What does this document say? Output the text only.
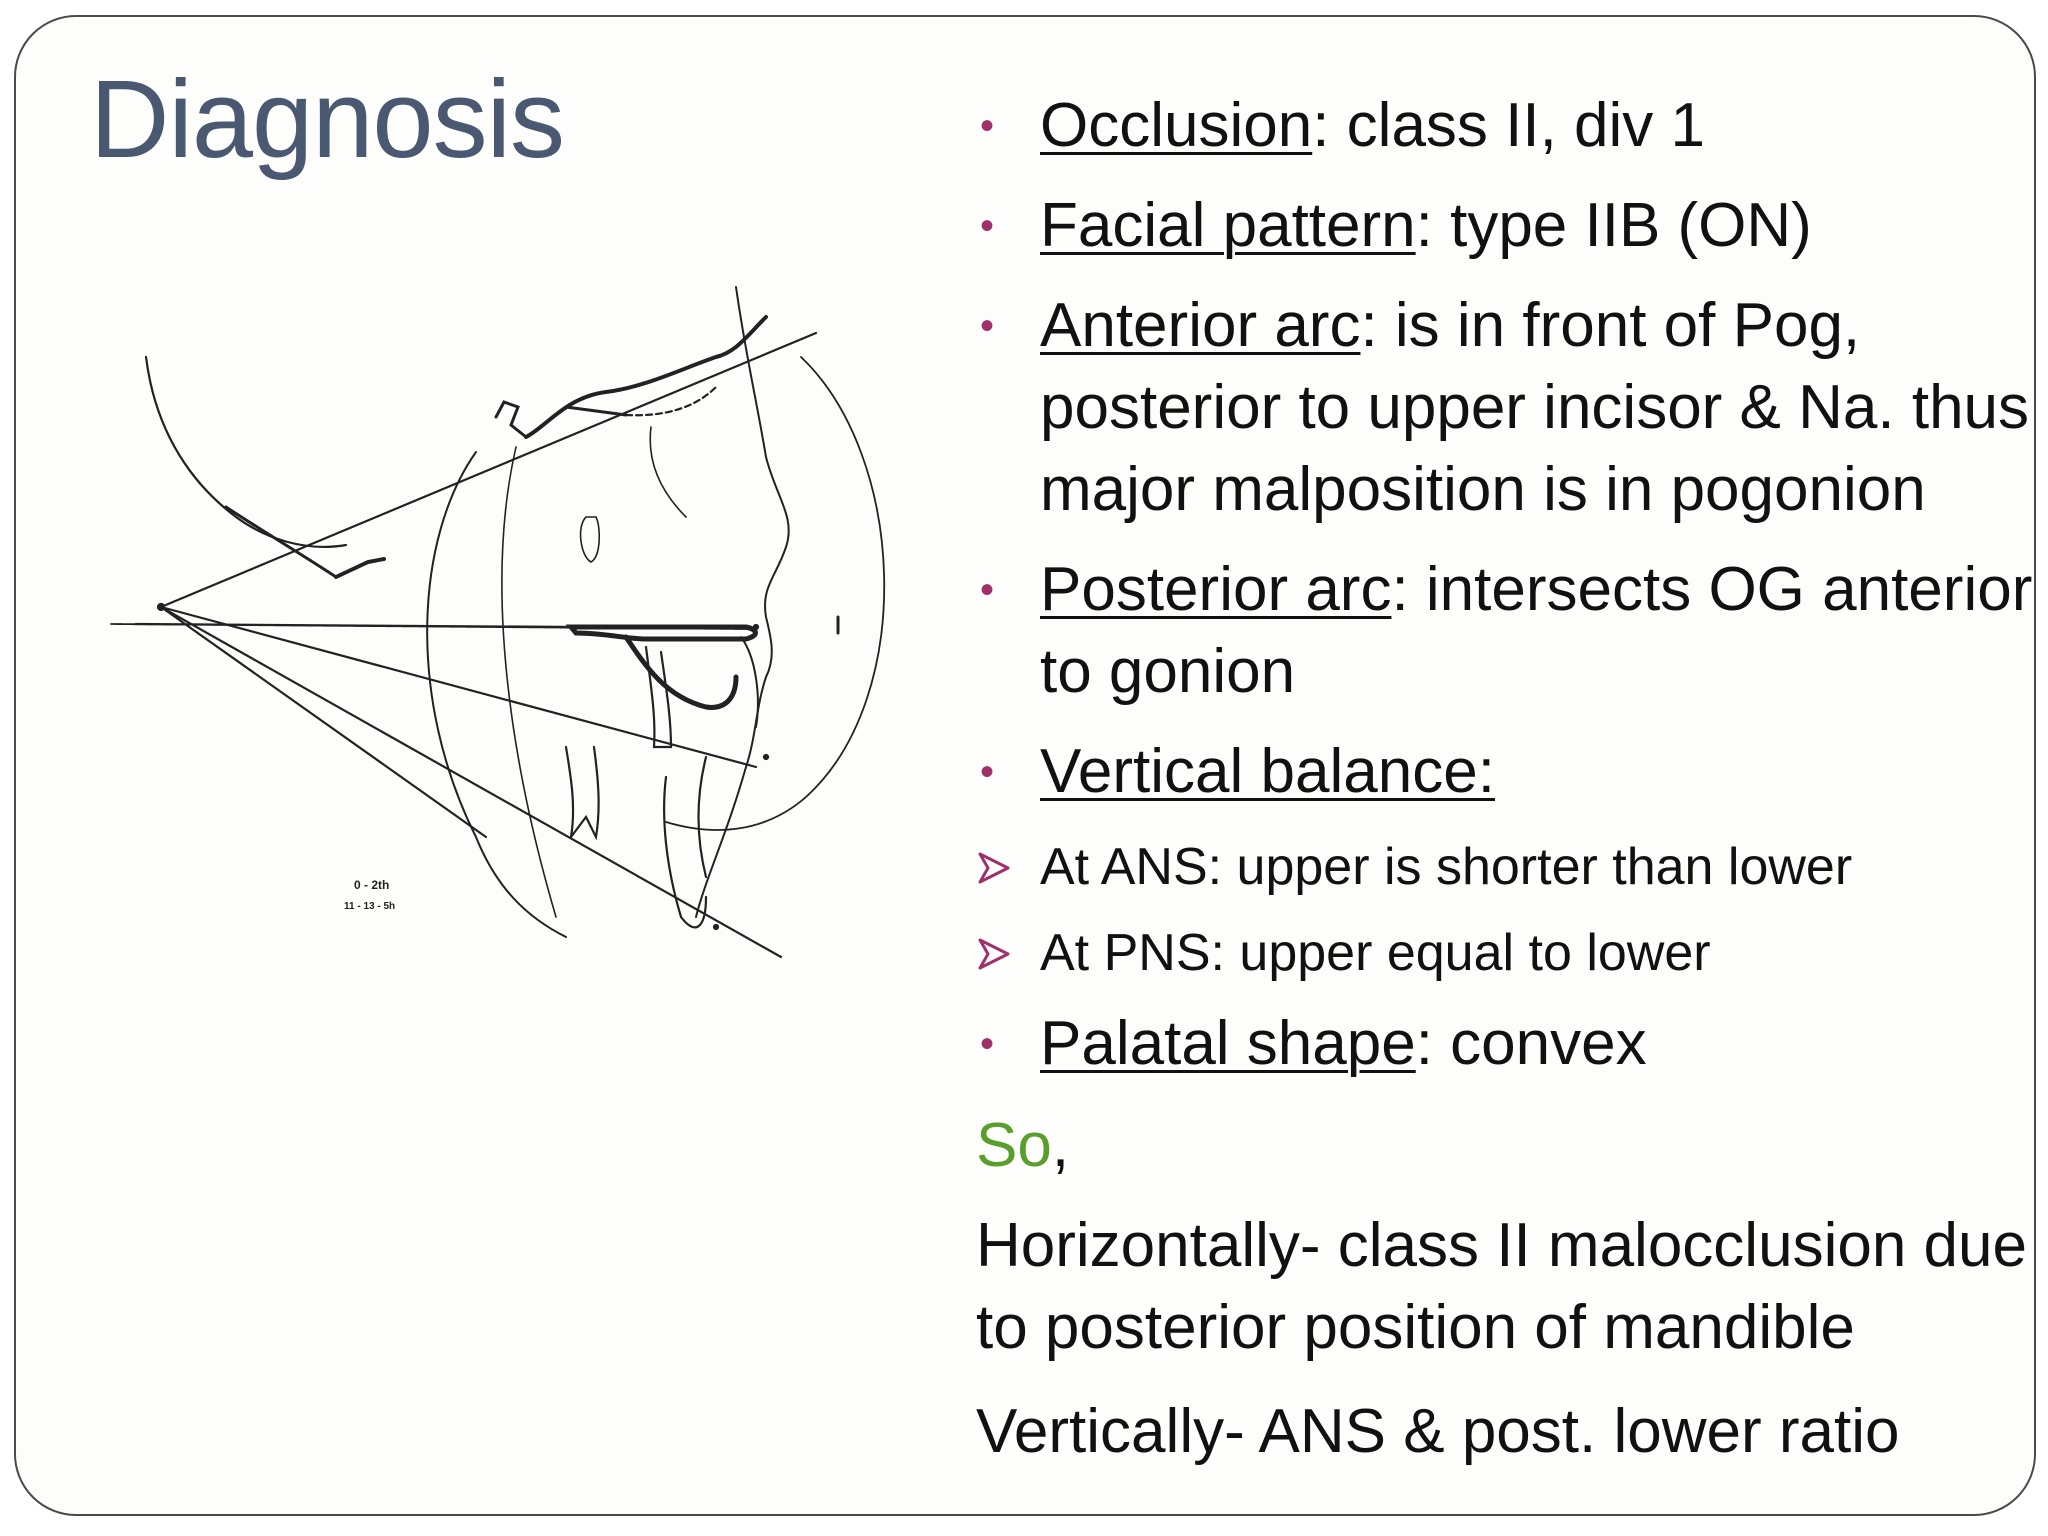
Diagnosis
0 - 2th
11 - 13 - 5h
• Occlusion: class II, div 1
• Facial pattern: type IIB (ON)
• Anterior arc: is in front of Pog, posterior to upper incisor & Na. thus major malposition is in pogonion
• Posterior arc: intersects OG anterior to gonion
• Vertical balance:
At ANS: upper is shorter than lower
At PNS: upper equal to lower
• Palatal shape: convex
So,
Horizontally- class II malocclusion due to posterior position of mandible
Vertically- ANS & post. lower ratio
